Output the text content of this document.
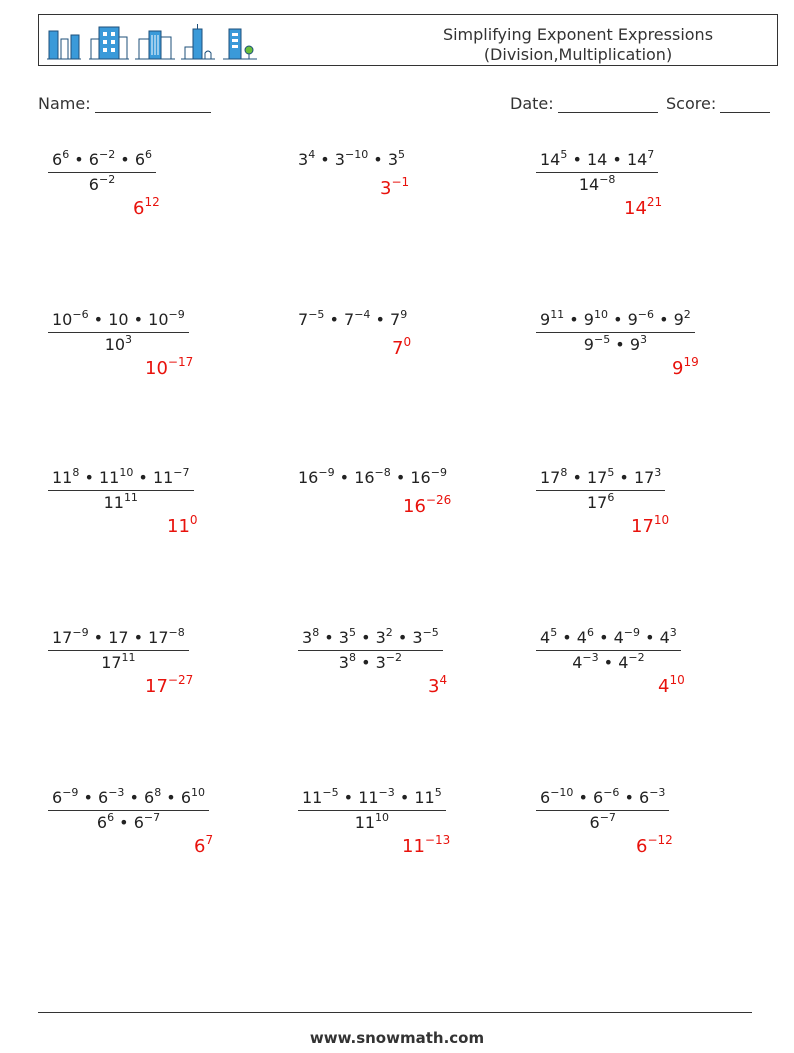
Simplifying Exponent Expressions
(Division,Multiplication)
Name:	Date:	Score:
$\frac{6^6 • 6^{-2} • 6^6}{6^{-2}}$
$6^{12}$
$3^4$ • $3^{-10}$ • $3^5$
$3^{-1}$	$\frac{14^5 • 14 • 14^7}{14^{-8}}$
$14^{21}$
$\frac{10^{-6} • 10 • 10^{-9}}{10^3}$
$10^{-17}$
$7^{-5}$ • $7^{-4}$ • $7^9$
$7^0$	$\frac{9^{11} • 9^{10} • 9^{-6} • 9^2}{9^{-5} • 9^3}$
$9^{19}$
$\frac{11^8 • 11^{10} • 11^{-7}}{11^{11}}$
$11^0$
$16^{-9}$ • $16^{-8}$ • $16^{-9}$
$16^{-26}$	$\frac{17^8 • 17^5 • 17^3}{17^6}$
$17^{10}$
$\frac{17^{-9} • 17 • 17^{-8}}{17^{11}}$
$17^{-27}$
$\frac{3^8 • 3^5 • 3^2 • 3^{-5}}{3^8 • 3^{-2}}$
$3^4$
$\frac{4^5 • 4^6 • 4^{-9} • 4^3}{4^{-3} • 4^{-2}}$
$4^{10}$
$\frac{6^{-9} • 6^{-3} • 6^8 • 6^{10}}{6^6 • 6^{-7}}$
$6^7$
$\frac{11^{-5} • 11^{-3} • 11^5}{11^{10}}$
$11^{-13}$
$\frac{6^{-10} • 6^{-6} • 6^{-3}}{6^{-7}}$
$6^{-12}$
www.snowmath.com
